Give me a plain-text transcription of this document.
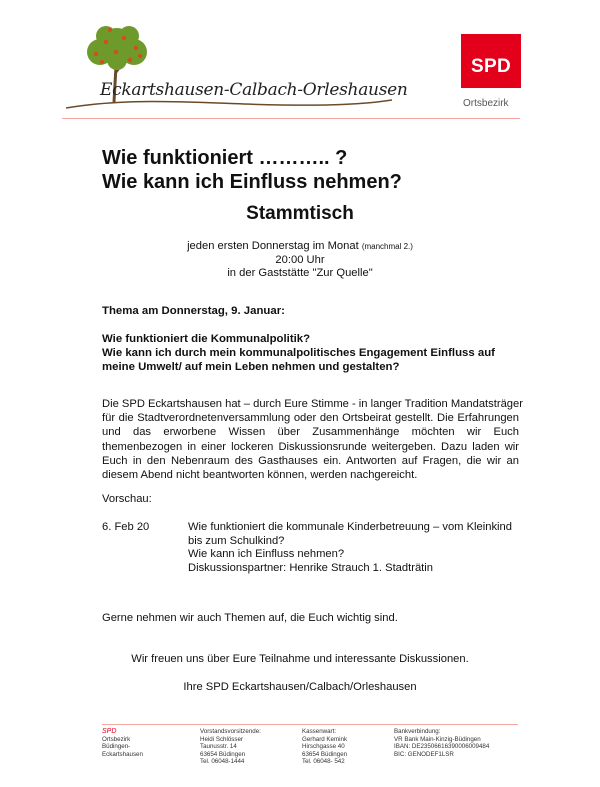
Eckartshausen-Calbach-Orleshausen
SPD
Ortsbezirk
Wie funktioniert ……….. ?
Wie kann ich Einfluss nehmen?
Stammtisch
jeden ersten Donnerstag im Monat (manchmal 2.)
20:00 Uhr
in der Gaststätte "Zur Quelle"
Thema am Donnerstag, 9. Januar:
Wie funktioniert die Kommunalpolitik?
Wie kann ich durch mein kommunalpolitisches Engagement Einfluss auf
meine Umwelt/ auf mein Leben nehmen und gestalten?
Die SPD Eckartshausen hat – durch Eure Stimme - in langer Tradition Mandatsträger
für die Stadtverordnetenversammlung oder den Ortsbeirat gestellt. Die Erfahrungen
und das erworbene Wissen über Zusammenhänge möchten wir Euch
themenbezogen in einer lockeren Diskussionsrunde weitergeben. Dazu laden wir
Euch in den Nebenraum des Gasthauses ein. Antworten auf Fragen, die wir an
diesem Abend nicht beantworten können, werden nachgereicht.
Vorschau:
6. Feb 20	Wie funktioniert die kommunale Kinderbetreuung – vom Kleinkind
bis zum Schulkind?
Wie kann ich Einfluss nehmen?
Diskussionspartner: Henrike Strauch 1. Stadträtin
Gerne nehmen wir auch Themen auf, die Euch wichtig sind.
Wir freuen uns über Eure Teilnahme und interessante Diskussionen.
Ihre SPD Eckartshausen/Calbach/Orleshausen
SPD
Ortsbezirk
Büdingen-
Eckartshausen
Vorstandsvorsitzende:
Heidi Schlösser
Taunusstr. 14
63654 Büdingen
Tel. 06048-1444
Kassenwart:
Gerhard Kemink
Hirschgasse 40
63654 Büdingen
Tel. 06048- 542
Bankverbindung:
VR Bank Main-Kinzig-Büdingen
IBAN: DE23506616390006009484
BIC: GENODEF1LSR
